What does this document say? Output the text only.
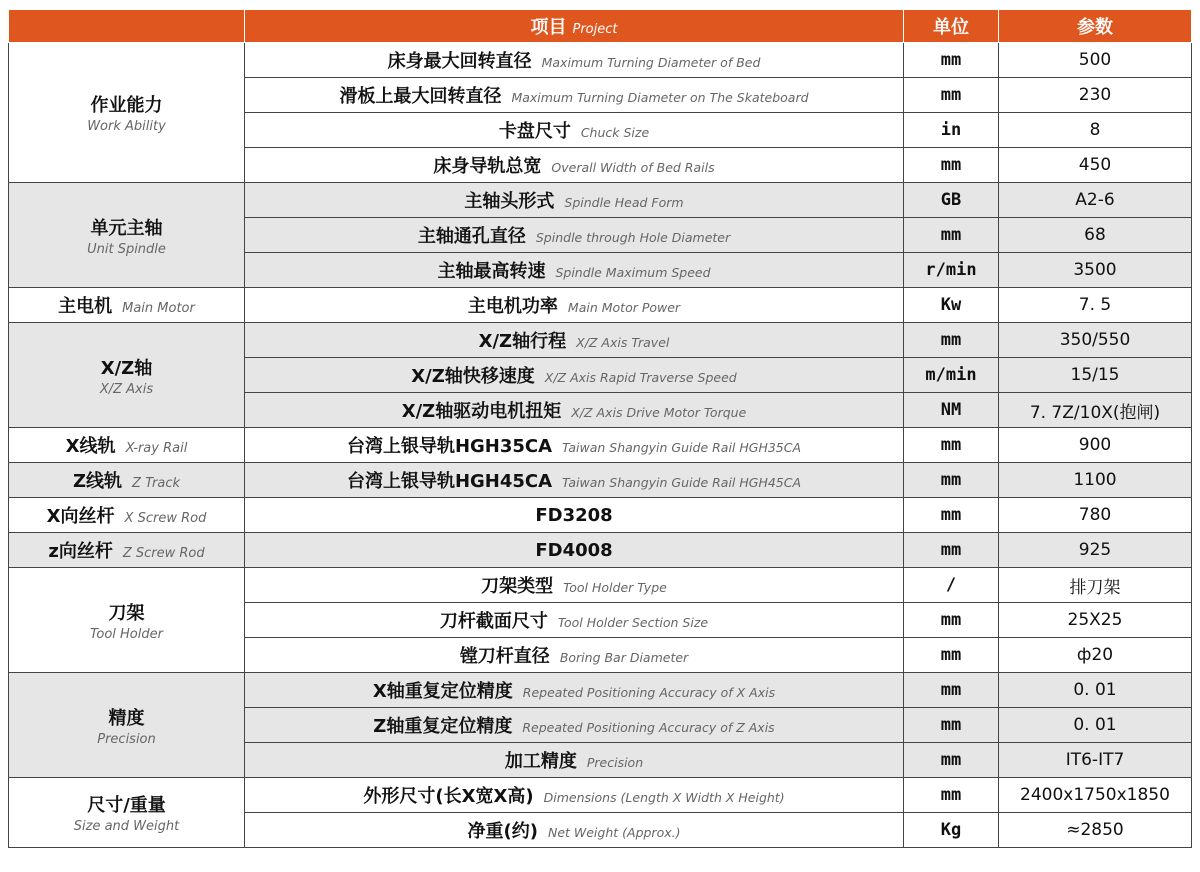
	项目 Project	单位	参数

作业能力
Work Ability	床身最大回转直径 Maximum Turning Diameter of Bed	mm	500
	滑板上最大回转直径 Maximum Turning Diameter on The Skateboard	mm	230
	卡盘尺寸 Chuck Size	in	8
	床身导轨总宽 Overall Width of Bed Rails	mm	450

单元主轴
Unit Spindle	主轴头形式 Spindle Head Form	GB	A2-6
	主轴通孔直径 Spindle through Hole Diameter	mm	68
	主轴最高转速 Spindle Maximum Speed	r/min	3500
主电机 Main Motor	主电机功率 Main Motor Power	Kw	7. 5

X/Z轴
X/Z Axis	X/Z轴行程 X/Z Axis Travel	mm	350/550
	X/Z轴快移速度 X/Z Axis Rapid Traverse Speed	m/min	15/15
	X/Z轴驱动电机扭矩 X/Z Axis Drive Motor Torque	NM	7. 7Z/10X(抱闸)
X线轨 X-ray Rail	台湾上银导轨HGH35CA Taiwan Shangyin Guide Rail HGH35CA	mm	900
Z线轨 Z Track	台湾上银导轨HGH45CA Taiwan Shangyin Guide Rail HGH45CA	mm	1100
X向丝杆 X Screw Rod	FD3208	mm	780
z向丝杆 Z Screw Rod	FD4008	mm	925

刀架
Tool Holder	刀架类型 Tool Holder Type	/	排刀架
	刀杆截面尺寸 Tool Holder Section Size	mm	25X25
	镗刀杆直径 Boring Bar Diameter	mm	ф20

精度
Precision	X轴重复定位精度 Repeated Positioning Accuracy of X Axis	mm	0. 01
	Z轴重复定位精度 Repeated Positioning Accuracy of Z Axis	mm	0. 01
	加工精度 Precision	mm	IT6-IT7

尺寸/重量
Size and Weight	外形尺寸(长X宽X高) Dimensions (Length X Width X Height)	mm	2400x1750x1850
	净重(约) Net Weight (Approx.)	Kg	≈2850
